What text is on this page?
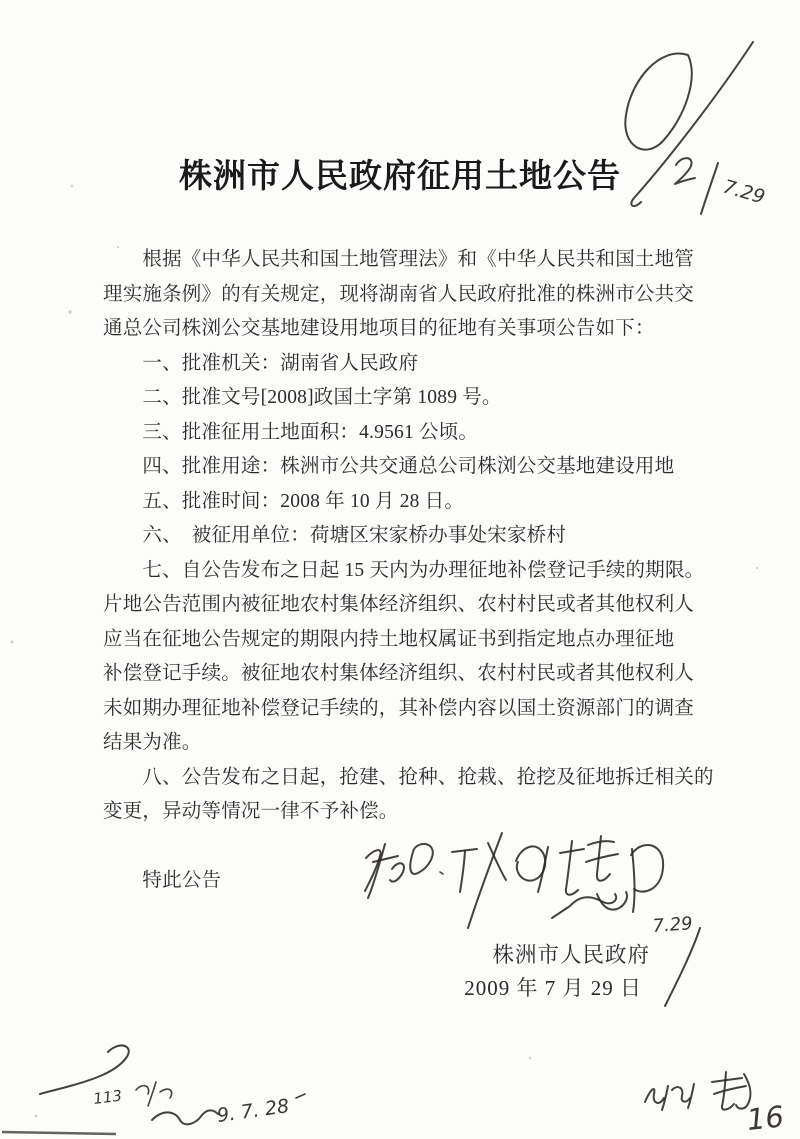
株洲市人民政府征用土地公告
　　根据《中华人民共和国土地管理法》和《中华人民共和国土地管
理实施条例》的有关规定，现将湖南省人民政府批准的株洲市公共交
通总公司株浏公交基地建设用地项目的征地有关事项公告如下：
　　一、批准机关：湖南省人民政府
　　二、批准文号[2008]政国土字第 1089 号。
　　三、批准征用土地面积：4.9561 公顷。
　　四、批准用途：株洲市公共交通总公司株浏公交基地建设用地
　　五、批准时间：2008 年 10 月 28 日。
　　六、　被征用单位：荷塘区宋家桥办事处宋家桥村
　　七、自公告发布之日起 15 天内为办理征地补偿登记手续的期限。
片地公告范围内被征地农村集体经济组织、农村村民或者其他权利人
应当在征地公告规定的期限内持土地权属证书到指定地点办理征地
补偿登记手续。被征地农村集体经济组织、农村村民或者其他权利人
未如期办理征地补偿登记手续的，其补偿内容以国土资源部门的调查
结果为准。
　　八、公告发布之日起，抢建、抢种、抢栽、抢挖及征地拆迁相关的
变更，异动等情况一律不予补偿。
　　特此公告
株洲市人民政府
2009 年 7 月 29 日
7.29
7.29
113	9. 7. 28	16
